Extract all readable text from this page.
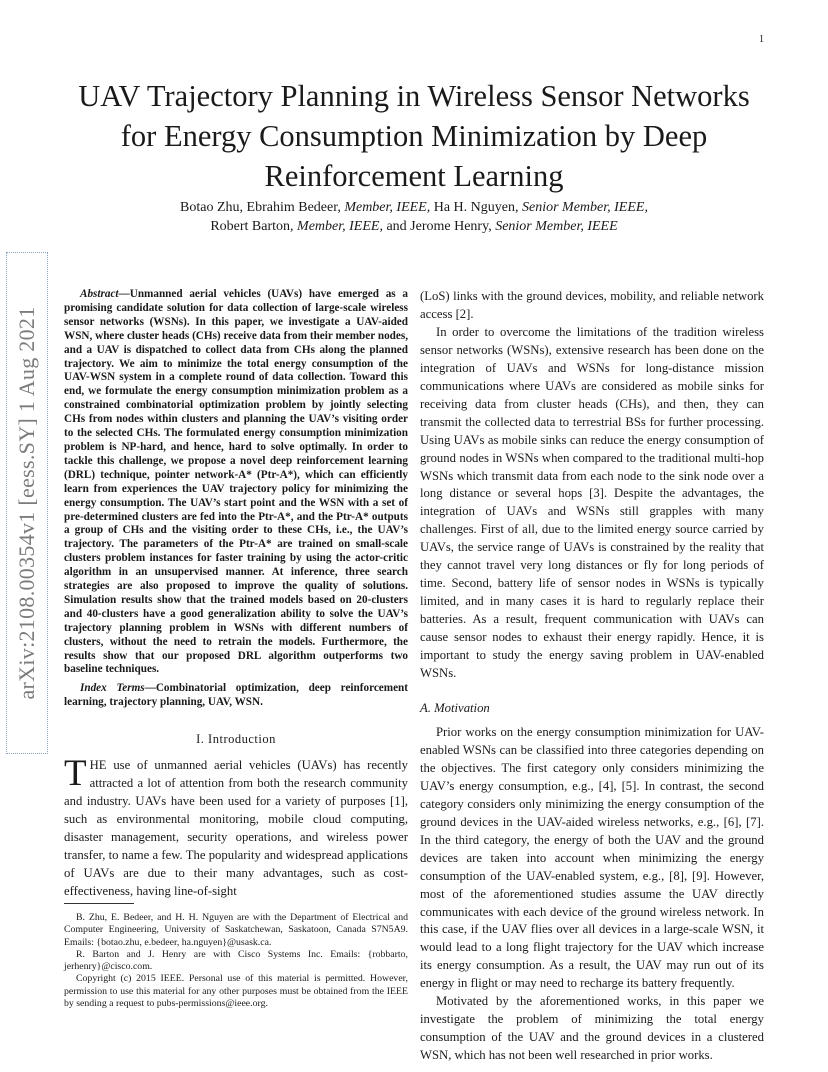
1
arXiv:2108.00354v1 [eess.SY] 1 Aug 2021
UAV Trajectory Planning in Wireless Sensor Networks for Energy Consumption Minimization by Deep Reinforcement Learning
Botao Zhu, Ebrahim Bedeer, Member, IEEE, Ha H. Nguyen, Senior Member, IEEE,
Robert Barton, Member, IEEE, and Jerome Henry, Senior Member, IEEE

Abstract—Unmanned aerial vehicles (UAVs) have emerged as a promising candidate solution for data collection of large-scale wireless sensor networks (WSNs). In this paper, we investigate a UAV-aided WSN, where cluster heads (CHs) receive data from their member nodes, and a UAV is dispatched to collect data from CHs along the planned trajectory. We aim to minimize the total energy consumption of the UAV-WSN system in a complete round of data collection. Toward this end, we formulate the energy consumption minimization problem as a constrained combinatorial optimization problem by jointly selecting CHs from nodes within clusters and planning the UAV’s visiting order to the selected CHs. The formulated energy consumption minimization problem is NP-hard, and hence, hard to solve optimally. In order to tackle this challenge, we propose a novel deep reinforcement learning (DRL) technique, pointer network-A* (Ptr-A*), which can efficiently learn from experiences the UAV trajectory policy for minimizing the energy consumption. The UAV’s start point and the WSN with a set of pre-determined clusters are fed into the Ptr-A*, and the Ptr-A* outputs a group of CHs and the visiting order to these CHs, i.e., the UAV’s trajectory. The parameters of the Ptr-A* are trained on small-scale clusters problem instances for faster training by using the actor-critic algorithm in an unsupervised manner. At inference, three search strategies are also proposed to improve the quality of solutions. Simulation results show that the trained models based on 20-clusters and 40-clusters have a good generalization ability to solve the UAV’s trajectory planning problem in WSNs with different numbers of clusters, without the need to retrain the models. Furthermore, the results show that our proposed DRL algorithm outperforms two baseline techniques.

Index Terms—Combinatorial optimization, deep reinforcement learning, trajectory planning, UAV, WSN.

I. Introduction

THE use of unmanned aerial vehicles (UAVs) has recently attracted a lot of attention from both the research community and industry. UAVs have been used for a variety of purposes [1], such as environmental monitoring, mobile cloud computing, disaster management, security operations, and wireless power transfer, to name a few. The popularity and widespread applications of UAVs are due to their many advantages, such as cost-effectiveness, having line-of-sight

B. Zhu, E. Bedeer, and H. H. Nguyen are with the Department of Electrical and Computer Engineering, University of Saskatchewan, Saskatoon, Canada S7N5A9. Emails: {botao.zhu, e.bedeer, ha.nguyen}@usask.ca.

R. Barton and J. Henry are with Cisco Systems Inc. Emails: {robbarto, jerhenry}@cisco.com.

Copyright (c) 2015 IEEE. Personal use of this material is permitted. However, permission to use this material for any other purposes must be obtained from the IEEE by sending a request to pubs-permissions@ieee.org.

(LoS) links with the ground devices, mobility, and reliable network access [2].

In order to overcome the limitations of the tradition wireless sensor networks (WSNs), extensive research has been done on the integration of UAVs and WSNs for long-distance mission communications where UAVs are considered as mobile sinks for receiving data from cluster heads (CHs), and then, they can transmit the collected data to terrestrial BSs for further processing. Using UAVs as mobile sinks can reduce the energy consumption of ground nodes in WSNs when compared to the traditional multi-hop WSNs which transmit data from each node to the sink node over a long distance or several hops [3]. Despite the advantages, the integration of UAVs and WSNs still grapples with many challenges. First of all, due to the limited energy source carried by UAVs, the service range of UAVs is constrained by the reality that they cannot travel very long distances or fly for long periods of time. Second, battery life of sensor nodes in WSNs is typically limited, and in many cases it is hard to regularly replace their batteries. As a result, frequent communication with UAVs can cause sensor nodes to exhaust their energy rapidly. Hence, it is important to study the energy saving problem in UAV-enabled WSNs.

A. Motivation

Prior works on the energy consumption minimization for UAV-enabled WSNs can be classified into three categories depending on the objectives. The first category only considers minimizing the UAV’s energy consumption, e.g., [4], [5]. In contrast, the second category considers only minimizing the energy consumption of the ground devices in the UAV-aided wireless networks, e.g., [6], [7]. In the third category, the energy of both the UAV and the ground devices are taken into account when minimizing the energy consumption of the UAV-enabled system, e.g., [8], [9]. However, most of the aforementioned studies assume the UAV directly communicates with each device of the ground wireless network. In this case, if the UAV flies over all devices in a large-scale WSN, it would lead to a long flight trajectory for the UAV which increase its energy consumption. As a result, the UAV may run out of its energy in flight or may need to recharge its battery frequently.

Motivated by the aforementioned works, in this paper we investigate the problem of minimizing the total energy consumption of the UAV and the ground devices in a clustered WSN, which has not been well researched in prior works.
